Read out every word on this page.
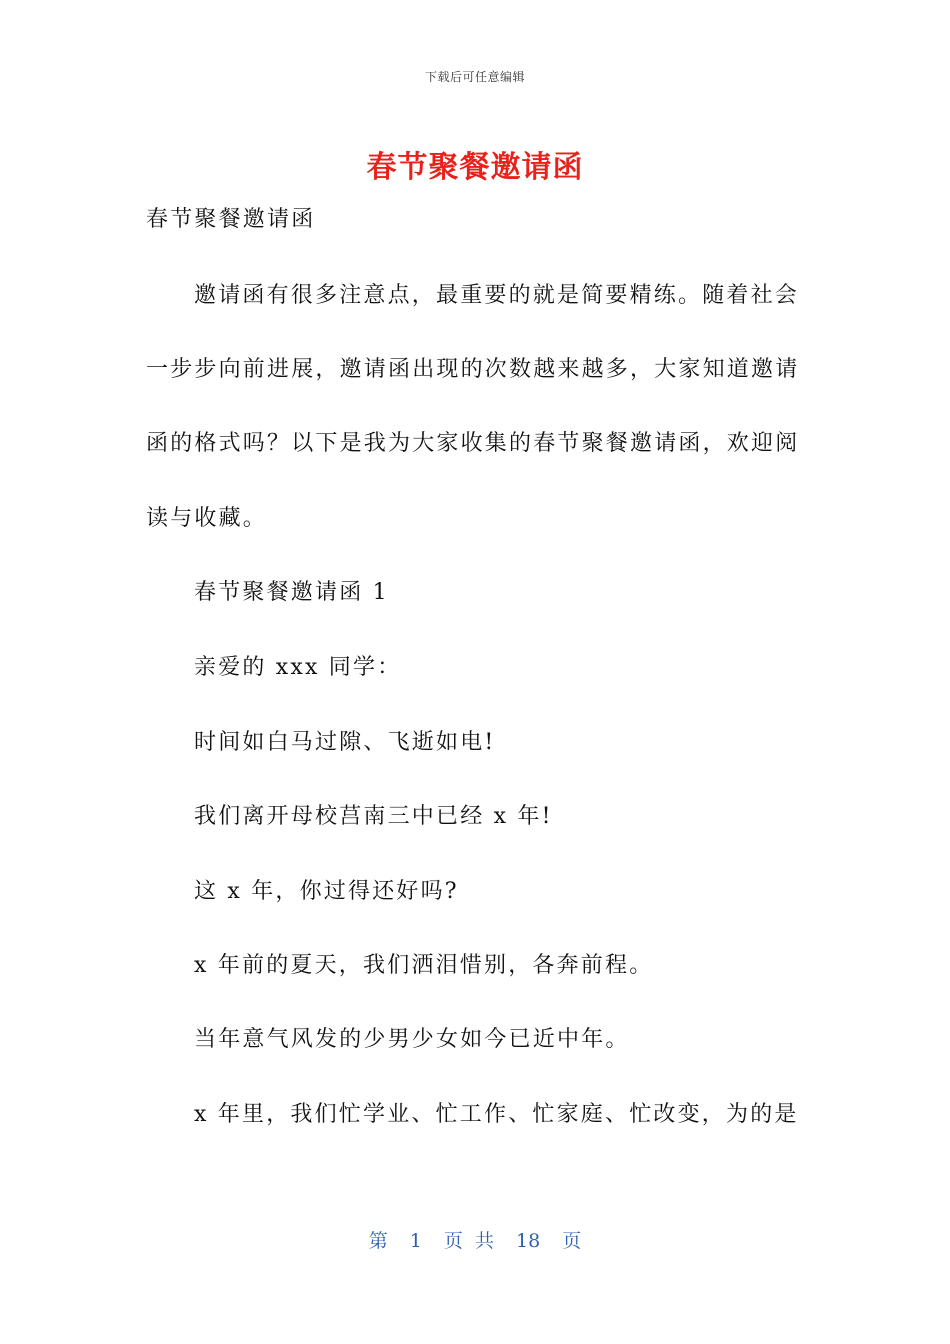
下载后可任意编辑
春节聚餐邀请函
春节聚餐邀请函
邀请函有很多注意点，最重要的就是简要精练。随着社会
一步步向前进展，邀请函出现的次数越来越多，大家知道邀请
函的格式吗？以下是我为大家收集的春节聚餐邀请函，欢迎阅
读与收藏。
春节聚餐邀请函 1
亲爱的 xxx 同学：
时间如白马过隙、飞逝如电!
我们离开母校莒南三中已经 x 年!
这 x 年，你过得还好吗?
x 年前的夏天，我们洒泪惜别，各奔前程。
当年意气风发的少男少女如今已近中年。
x 年里，我们忙学业、忙工作、忙家庭、忙改变，为的是
第 1 页 共 18 页
